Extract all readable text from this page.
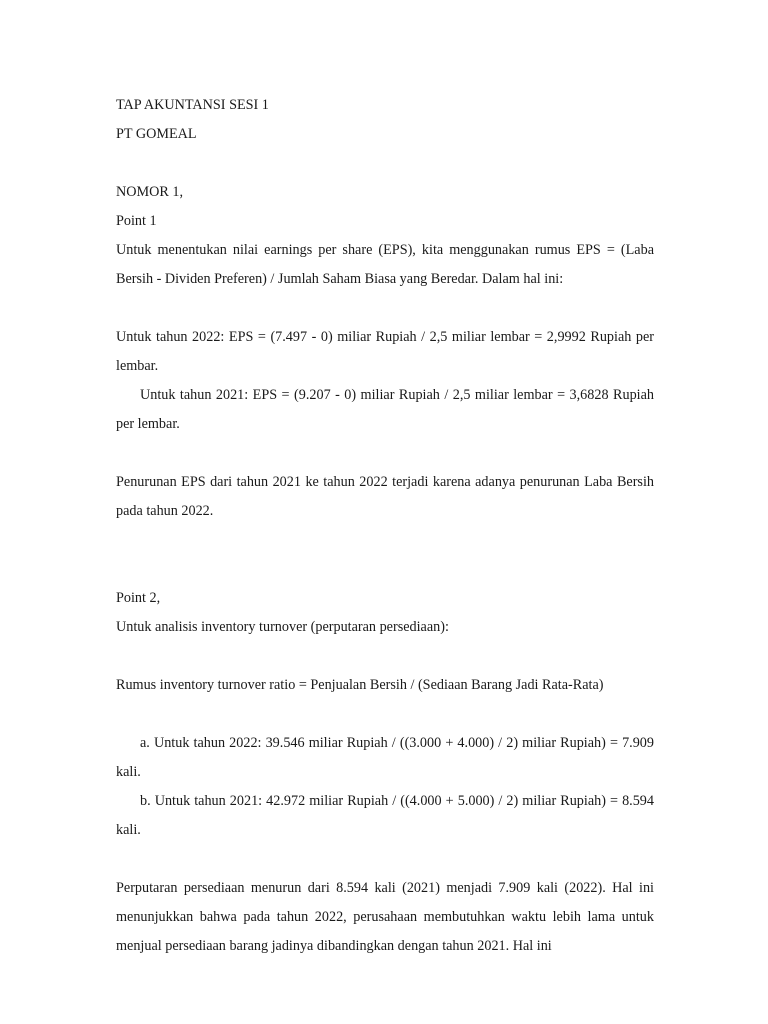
TAP AKUNTANSI SESI 1

PT GOMEAL

NOMOR 1,

Point 1

Untuk menentukan nilai earnings per share (EPS), kita menggunakan rumus EPS = (Laba Bersih - Dividen Preferen) / Jumlah Saham Biasa yang Beredar. Dalam hal ini:

Untuk tahun 2022: EPS = (7.497 - 0) miliar Rupiah / 2,5 miliar lembar = 2,9992 Rupiah per lembar.

Untuk tahun 2021: EPS = (9.207 - 0) miliar Rupiah / 2,5 miliar lembar = 3,6828 Rupiah per lembar.

Penurunan EPS dari tahun 2021 ke tahun 2022 terjadi karena adanya penurunan Laba Bersih pada tahun 2022.

Point 2,

Untuk analisis inventory turnover (perputaran persediaan):

Rumus inventory turnover ratio = Penjualan Bersih / (Sediaan Barang Jadi Rata-Rata)

a. Untuk tahun 2022: 39.546 miliar Rupiah / ((3.000 + 4.000) / 2) miliar Rupiah) = 7.909 kali.

b. Untuk tahun 2021: 42.972 miliar Rupiah / ((4.000 + 5.000) / 2) miliar Rupiah) = 8.594 kali.

Perputaran persediaan menurun dari 8.594 kali (2021) menjadi 7.909 kali (2022). Hal ini menunjukkan bahwa pada tahun 2022, perusahaan membutuhkan waktu lebih lama untuk menjual persediaan barang jadinya dibandingkan dengan tahun 2021. Hal ini
